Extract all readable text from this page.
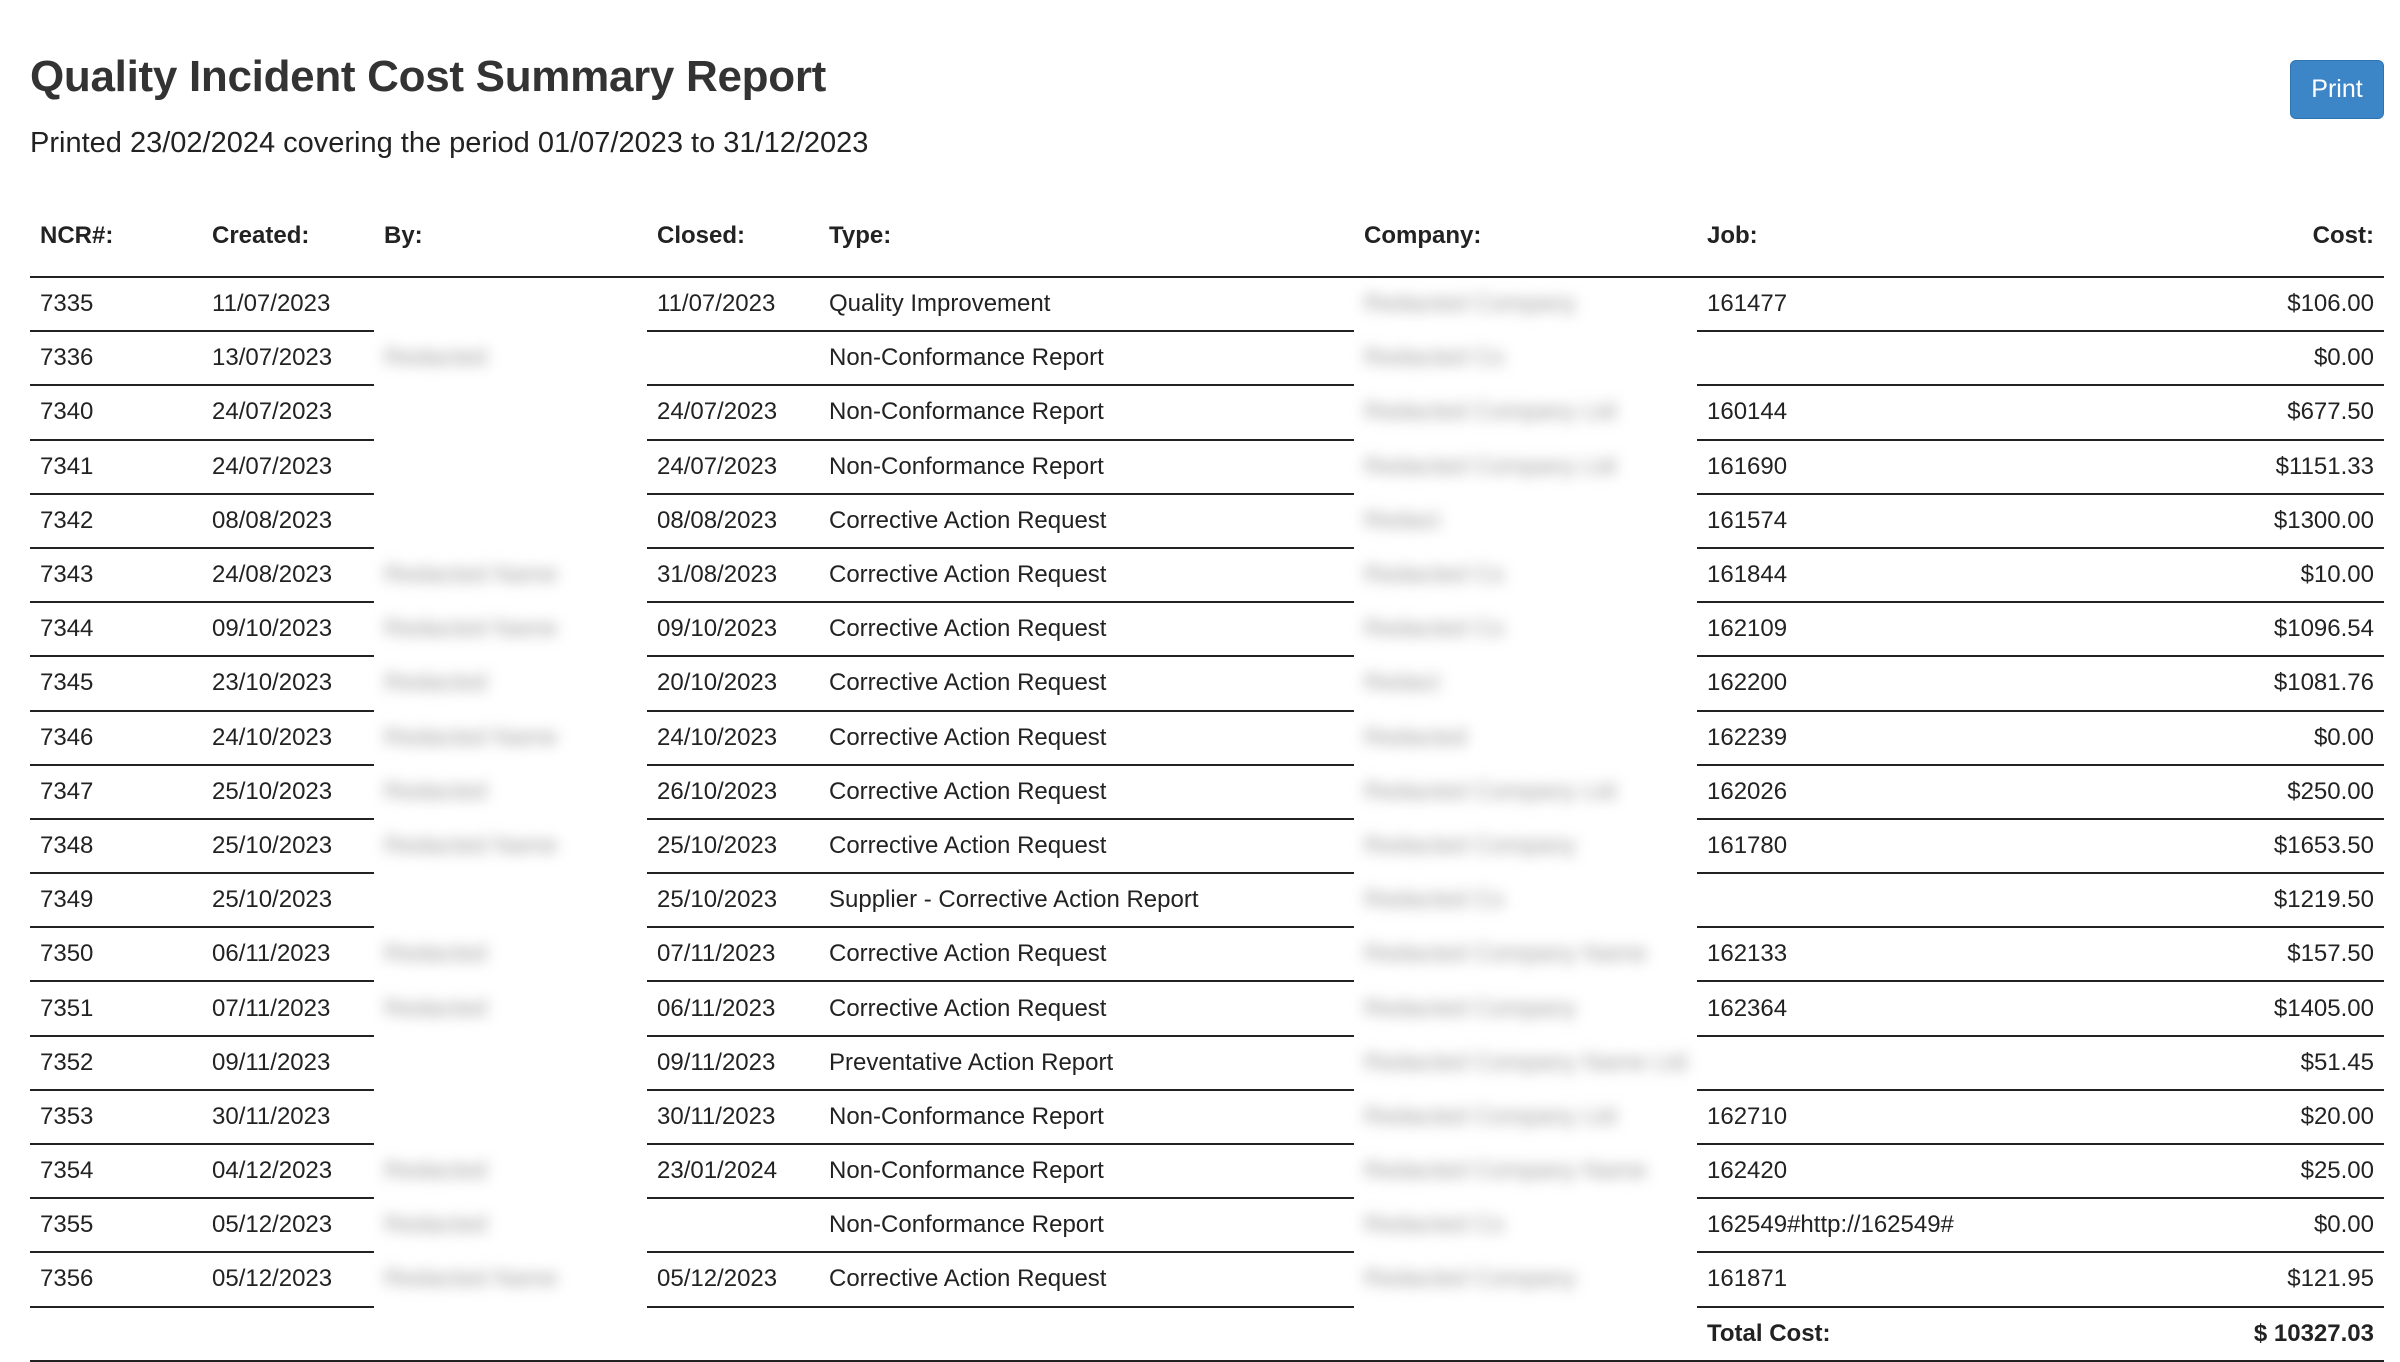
Quality Incident Cost Summary Report

Printed 23/02/2024 covering the period 01/07/2023 to 31/12/2023

Print
NCR#:	Created:	By:	Closed:	Type:	Company:	Job:	Cost:
7335	11/07/2023		11/07/2023	Quality Improvement	Redacted Company	161477	$106.00
7336	13/07/2023	Redacted		Non-Conformance Report	Redacted Co		$0.00
7340	24/07/2023		24/07/2023	Non-Conformance Report	Redacted Company Ltd	160144	$677.50
7341	24/07/2023		24/07/2023	Non-Conformance Report	Redacted Company Ltd	161690	$1151.33
7342	08/08/2023		08/08/2023	Corrective Action Request	Redact	161574	$1300.00
7343	24/08/2023	Redacted Name	31/08/2023	Corrective Action Request	Redacted Co	161844	$10.00
7344	09/10/2023	Redacted Name	09/10/2023	Corrective Action Request	Redacted Co	162109	$1096.54
7345	23/10/2023	Redacted	20/10/2023	Corrective Action Request	Redact	162200	$1081.76
7346	24/10/2023	Redacted Name	24/10/2023	Corrective Action Request	Redacted	162239	$0.00
7347	25/10/2023	Redacted	26/10/2023	Corrective Action Request	Redacted Company Ltd	162026	$250.00
7348	25/10/2023	Redacted Name	25/10/2023	Corrective Action Request	Redacted Company	161780	$1653.50
7349	25/10/2023		25/10/2023	Supplier - Corrective Action Report	Redacted Co		$1219.50
7350	06/11/2023	Redacted	07/11/2023	Corrective Action Request	Redacted Company Name	162133	$157.50
7351	07/11/2023	Redacted	06/11/2023	Corrective Action Request	Redacted Company	162364	$1405.00
7352	09/11/2023		09/11/2023	Preventative Action Report	Redacted Company Name Ltd		$51.45
7353	30/11/2023		30/11/2023	Non-Conformance Report	Redacted Company Ltd	162710	$20.00
7354	04/12/2023	Redacted	23/01/2024	Non-Conformance Report	Redacted Company Name	162420	$25.00
7355	05/12/2023	Redacted		Non-Conformance Report	Redacted Co	162549#http://162549#	$0.00
7356	05/12/2023	Redacted Name	05/12/2023	Corrective Action Request	Redacted Company	161871	$121.95
						Total Cost:	$ 10327.03
